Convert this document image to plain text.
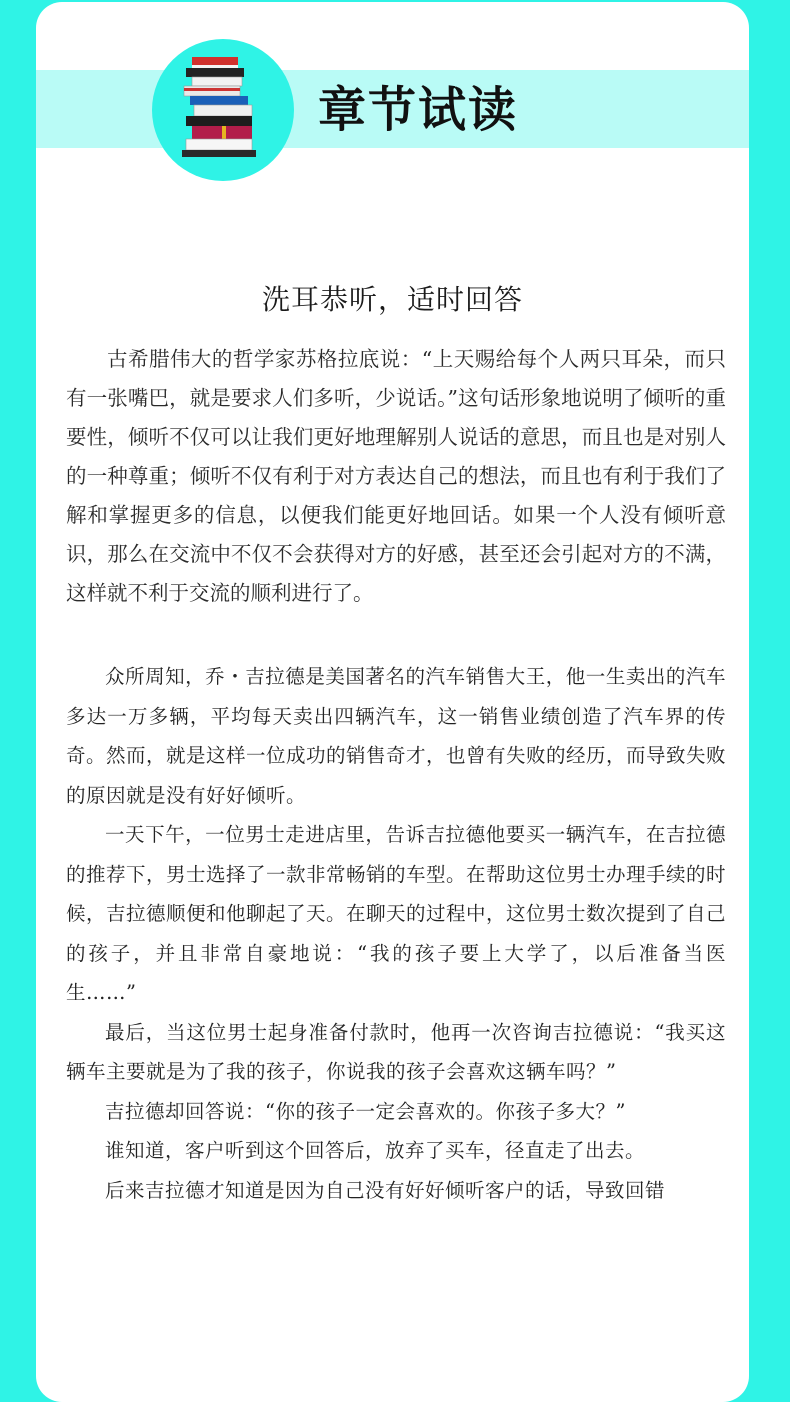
章节试读
洗耳恭听，适时回答

古希腊伟大的哲学家苏格拉底说：“上天赐给每个人两只耳朵，而只有一张嘴巴，就是要求人们多听，少说话。”这句话形象地说明了倾听的重要性，倾听不仅可以让我们更好地理解别人说话的意思，而且也是对别人的一种尊重；倾听不仅有利于对方表达自己的想法，而且也有利于我们了解和掌握更多的信息，以便我们能更好地回话。如果一个人没有倾听意识，那么在交流中不仅不会获得对方的好感，甚至还会引起对方的不满，这样就不利于交流的顺利进行了。

众所周知，乔・吉拉德是美国著名的汽车销售大王，他一生卖出的汽车多达一万多辆，平均每天卖出四辆汽车，这一销售业绩创造了汽车界的传奇。然而，就是这样一位成功的销售奇才，也曾有失败的经历，而导致失败的原因就是没有好好倾听。

一天下午，一位男士走进店里，告诉吉拉德他要买一辆汽车，在吉拉德的推荐下，男士选择了一款非常畅销的车型。在帮助这位男士办理手续的时候，吉拉德顺便和他聊起了天。在聊天的过程中，这位男士数次提到了自己的孩子，并且非常自豪地说：“我的孩子要上大学了，以后准备当医生……”

最后，当这位男士起身准备付款时，他再一次咨询吉拉德说：“我买这辆车主要就是为了我的孩子，你说我的孩子会喜欢这辆车吗？”

吉拉德却回答说：“你的孩子一定会喜欢的。你孩子多大？”

谁知道，客户听到这个回答后，放弃了买车，径直走了出去。

后来吉拉德才知道是因为自己没有好好倾听客户的话，导致回错
